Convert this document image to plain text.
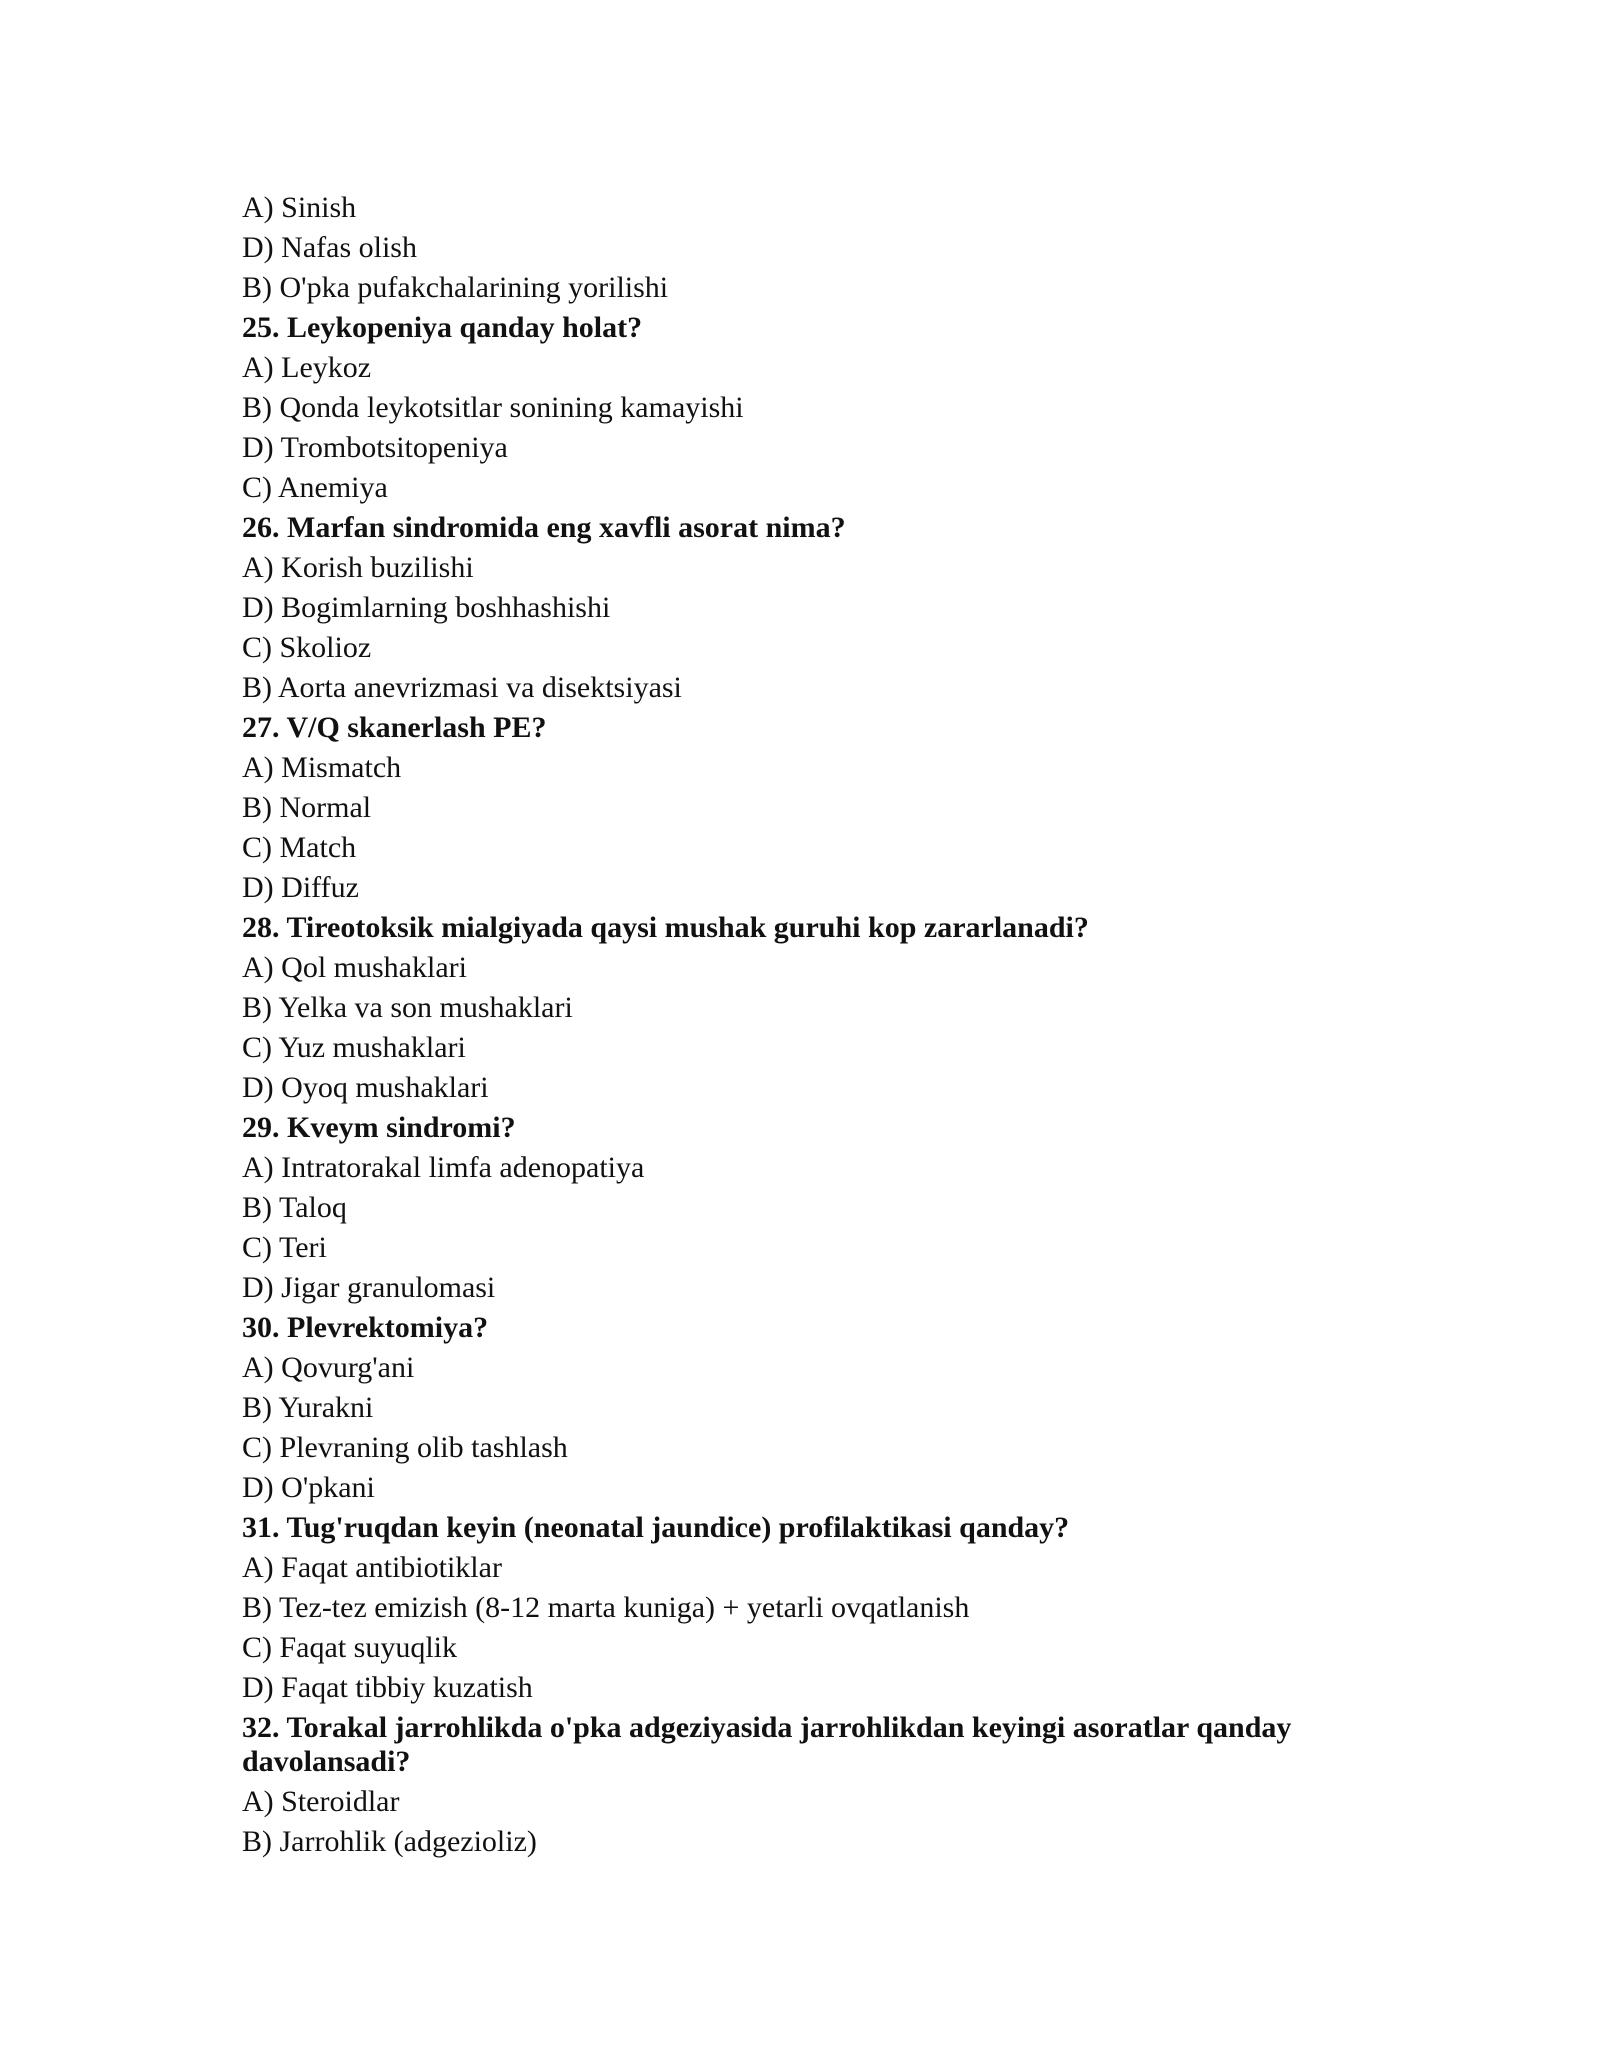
A) Sinish
D) Nafas olish
B) O'pka pufakchalarining yorilishi
25. Leykopeniya qanday holat?
A) Leykoz
B) Qonda leykotsitlar sonining kamayishi
D) Trombotsitopeniya
C) Anemiya
26. Marfan sindromida eng xavfli asorat nima?
A) Korish buzilishi
D) Bogimlarning boshhashishi
C) Skolioz
B) Aorta anevrizmasi va disektsiyasi
27. V/Q skanerlash PE?
A) Mismatch
B) Normal
C) Match
D) Diffuz
28. Tireotoksik mialgiyada qaysi mushak guruhi kop zararlanadi?
A) Qol mushaklari
B) Yelka va son mushaklari
C) Yuz mushaklari
D) Oyoq mushaklari
29. Kveym sindromi?
A) Intratorakal limfa adenopatiya
B) Taloq
C) Teri
D) Jigar granulomasi
30. Plevrektomiya?
A) Qovurg'ani
B) Yurakni
C) Plevraning olib tashlash
D) O'pkani
31. Tug'ruqdan keyin (neonatal jaundice) profilaktikasi qanday?
A) Faqat antibiotiklar
B) Tez-tez emizish (8-12 marta kuniga) + yetarli ovqatlanish
C) Faqat suyuqlik
D) Faqat tibbiy kuzatish
32. Torakal jarrohlikda o'pka adgeziyasida jarrohlikdan keyingi asoratlar qanday davolansadi?
A) Steroidlar
B) Jarrohlik (adgezioliz)
